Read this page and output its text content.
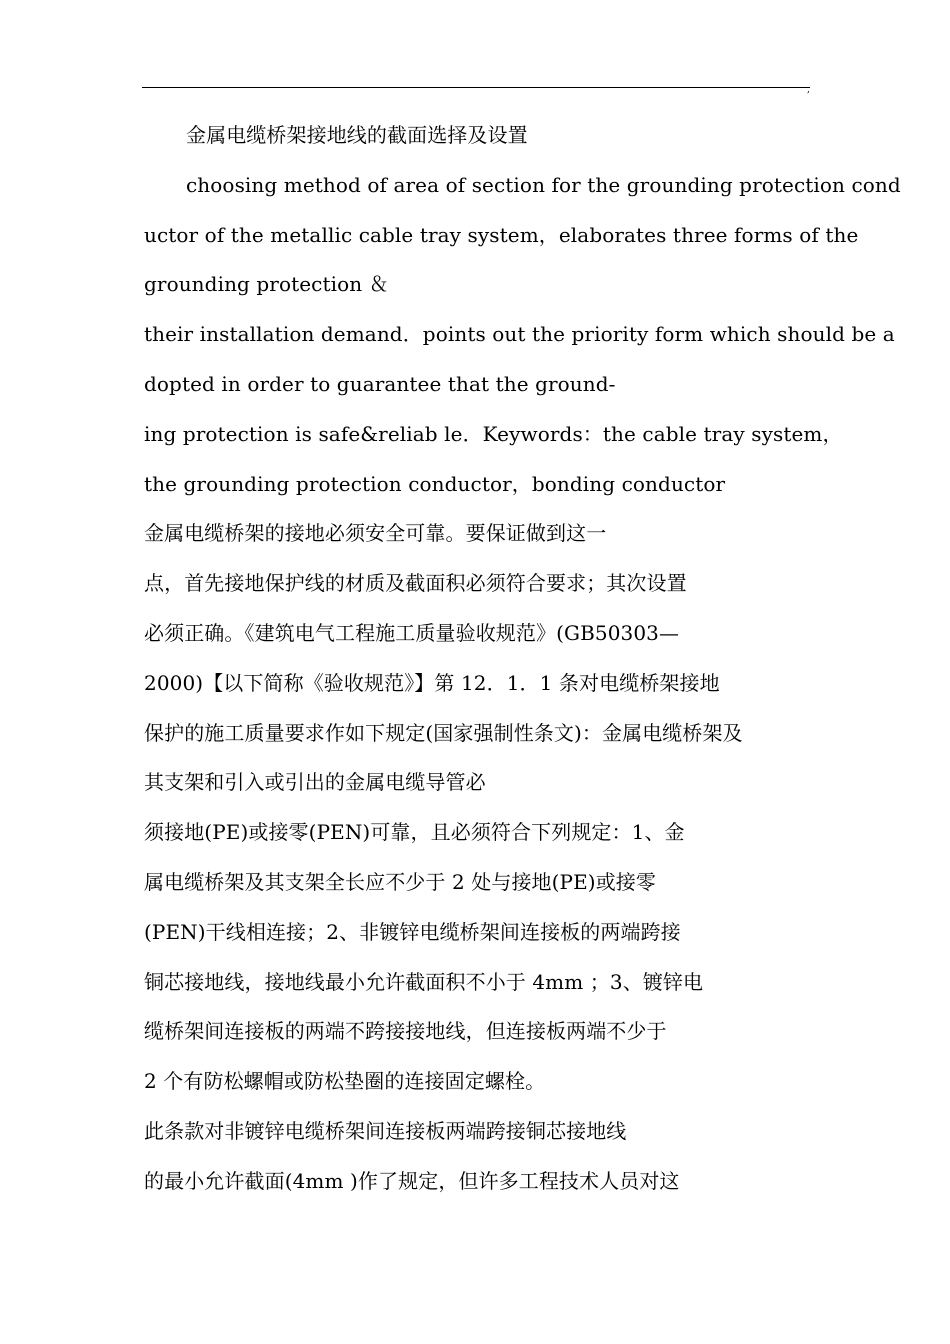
,
金属电缆桥架接地线的截面选择及设置
choosing method of area of section for the grounding protection cond
uctor of the metallic cable tray system，elaborates three forms of the
grounding protection ＆
their installation demand．points out the priority form which should be a
dopted in order to guarantee that the ground-
ing protection is safe&reliab le．Keywords：the cable tray system，
the grounding protection conductor，bonding conductor
金属电缆桥架的接地必须安全可靠。要保证做到这一
点，首先接地保护线的材质及截面积必须符合要求；其次设置
必须正确。《建筑电气工程施工质量验收规范》(GB50303—
2000)【以下简称《验收规范》】第 12．1．1 条对电缆桥架接地
保护的施工质量要求作如下规定(国家强制性条文)：金属电缆桥架及
其支架和引入或引出的金属电缆导管必
须接地(PE)或接零(PEN)可靠，且必须符合下列规定：1、金
属电缆桥架及其支架全长应不少于 2 处与接地(PE)或接零
(PEN)干线相连接；2、非镀锌电缆桥架间连接板的两端跨接
铜芯接地线，接地线最小允许截面积不小于 4mm ；3、镀锌电
缆桥架间连接板的两端不跨接接地线，但连接板两端不少于
2 个有防松螺帽或防松垫圈的连接固定螺栓。
此条款对非镀锌电缆桥架间连接板两端跨接铜芯接地线
的最小允许截面(4mm )作了规定，但许多工程技术人员对这
